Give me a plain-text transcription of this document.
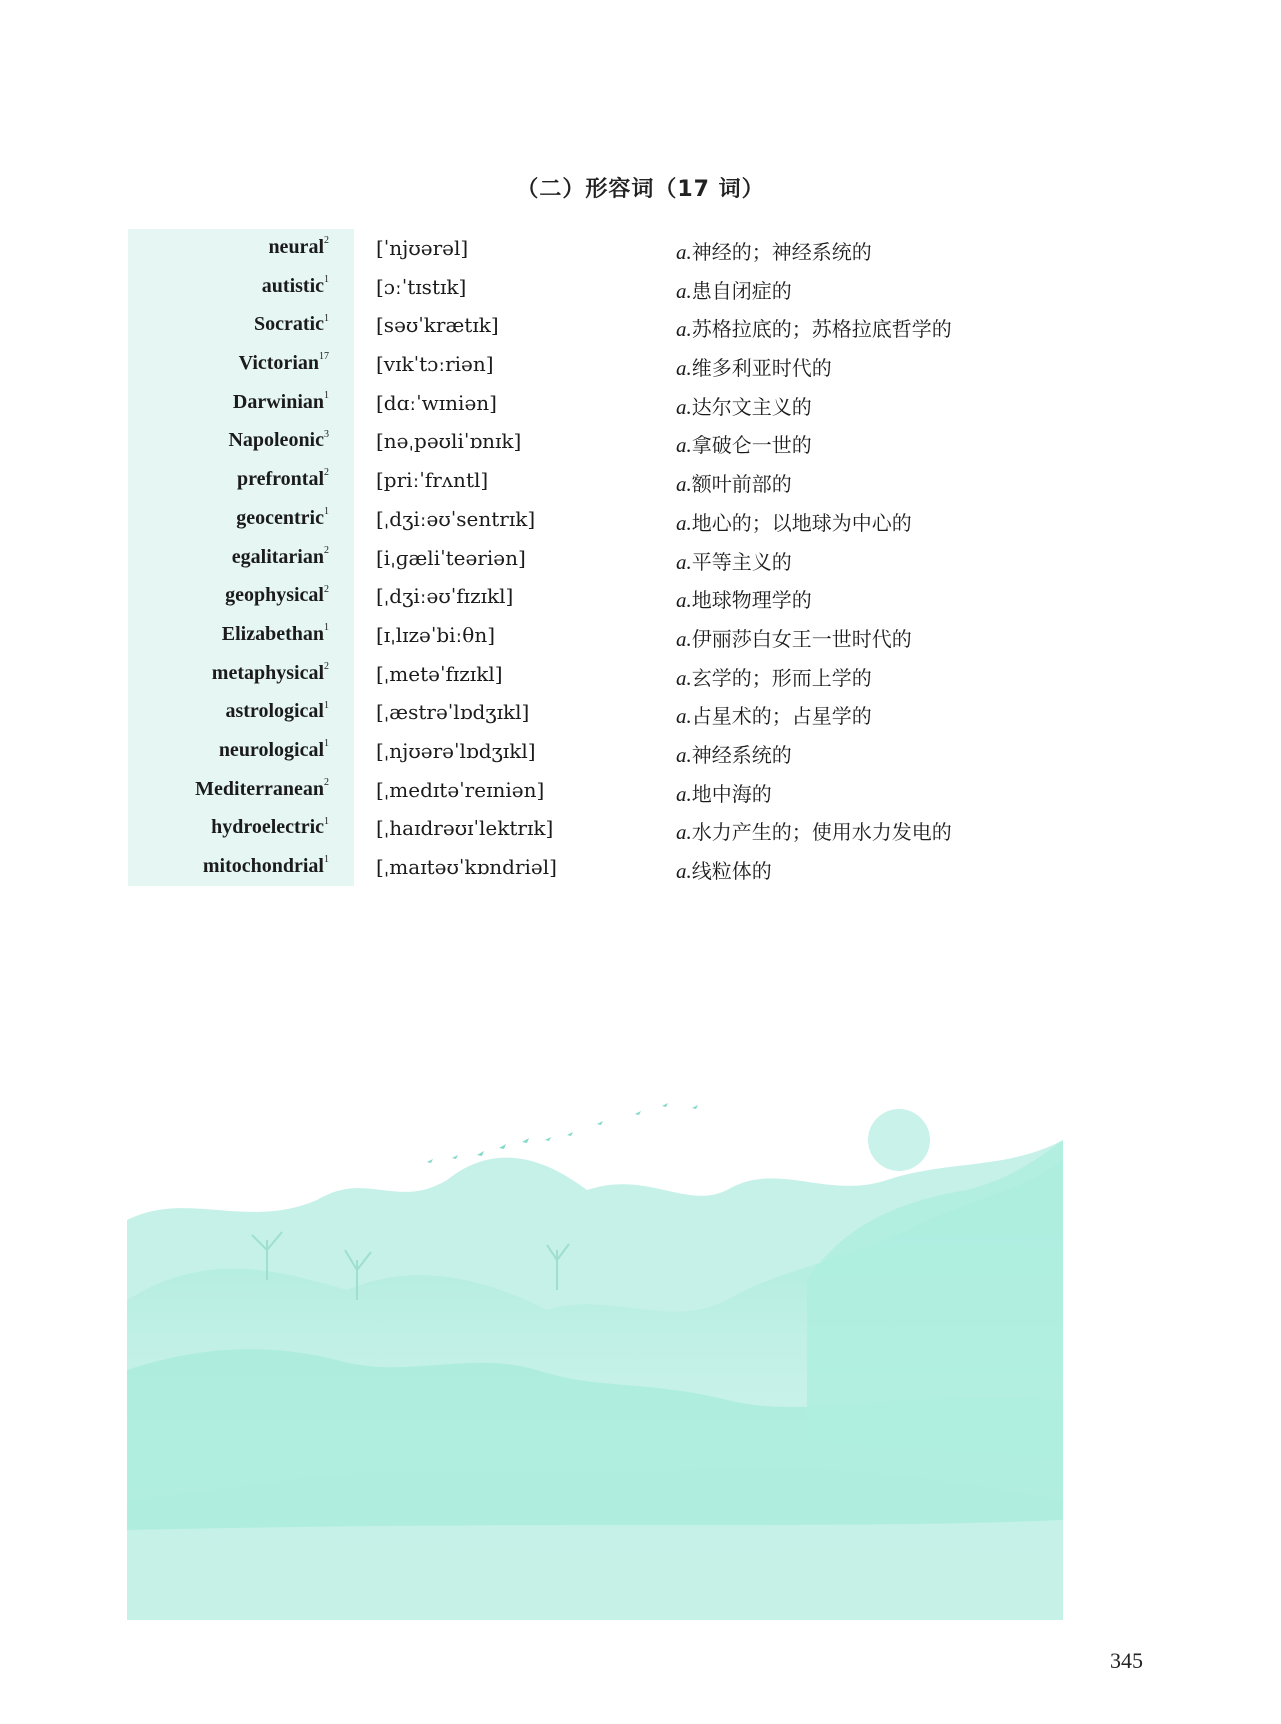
（二）形容词（17 词）
neural$^2$ [ˈnjʊərəl]	a.神经的；神经系统的
autistic$^1$ [ɔːˈtɪstɪk]	a.患自闭症的
Socratic$^1$ [səʊˈkrætɪk]	a.苏格拉底的；苏格拉底哲学的
Victorian$^{17}$ [vɪkˈtɔːriən]	a.维多利亚时代的
Darwinian$^1$ [dɑːˈwɪniən]	a.达尔文主义的
Napoleonic$^3$ [nəˌpəʊliˈɒnɪk]	a.拿破仑一世的
prefrontal$^2$ [priːˈfrʌntl]	a.额叶前部的
geocentric$^1$ [ˌdʒiːəʊˈsentrɪk]	a.地心的；以地球为中心的
egalitarian$^2$ [iˌɡæliˈteəriən]	a.平等主义的
geophysical$^2$ [ˌdʒiːəʊˈfɪzɪkl]	a.地球物理学的
Elizabethan$^1$ [ɪˌlɪzəˈbiːθn]	a.伊丽莎白女王一世时代的
metaphysical$^2$ [ˌmetəˈfɪzɪkl]	a.玄学的；形而上学的
astrological$^1$ [ˌæstrəˈlɒdʒɪkl]	a.占星术的；占星学的
neurological$^1$ [ˌnjʊərəˈlɒdʒɪkl]	a.神经系统的
Mediterranean$^2$ [ˌmedɪtəˈreɪniən]	a.地中海的
hydroelectric$^1$ [ˌhaɪdrəʊɪˈlektrɪk]	a.水力产生的；使用水力发电的
mitochondrial$^1$ [ˌmaɪtəʊˈkɒndriəl]	a.线粒体的
345
